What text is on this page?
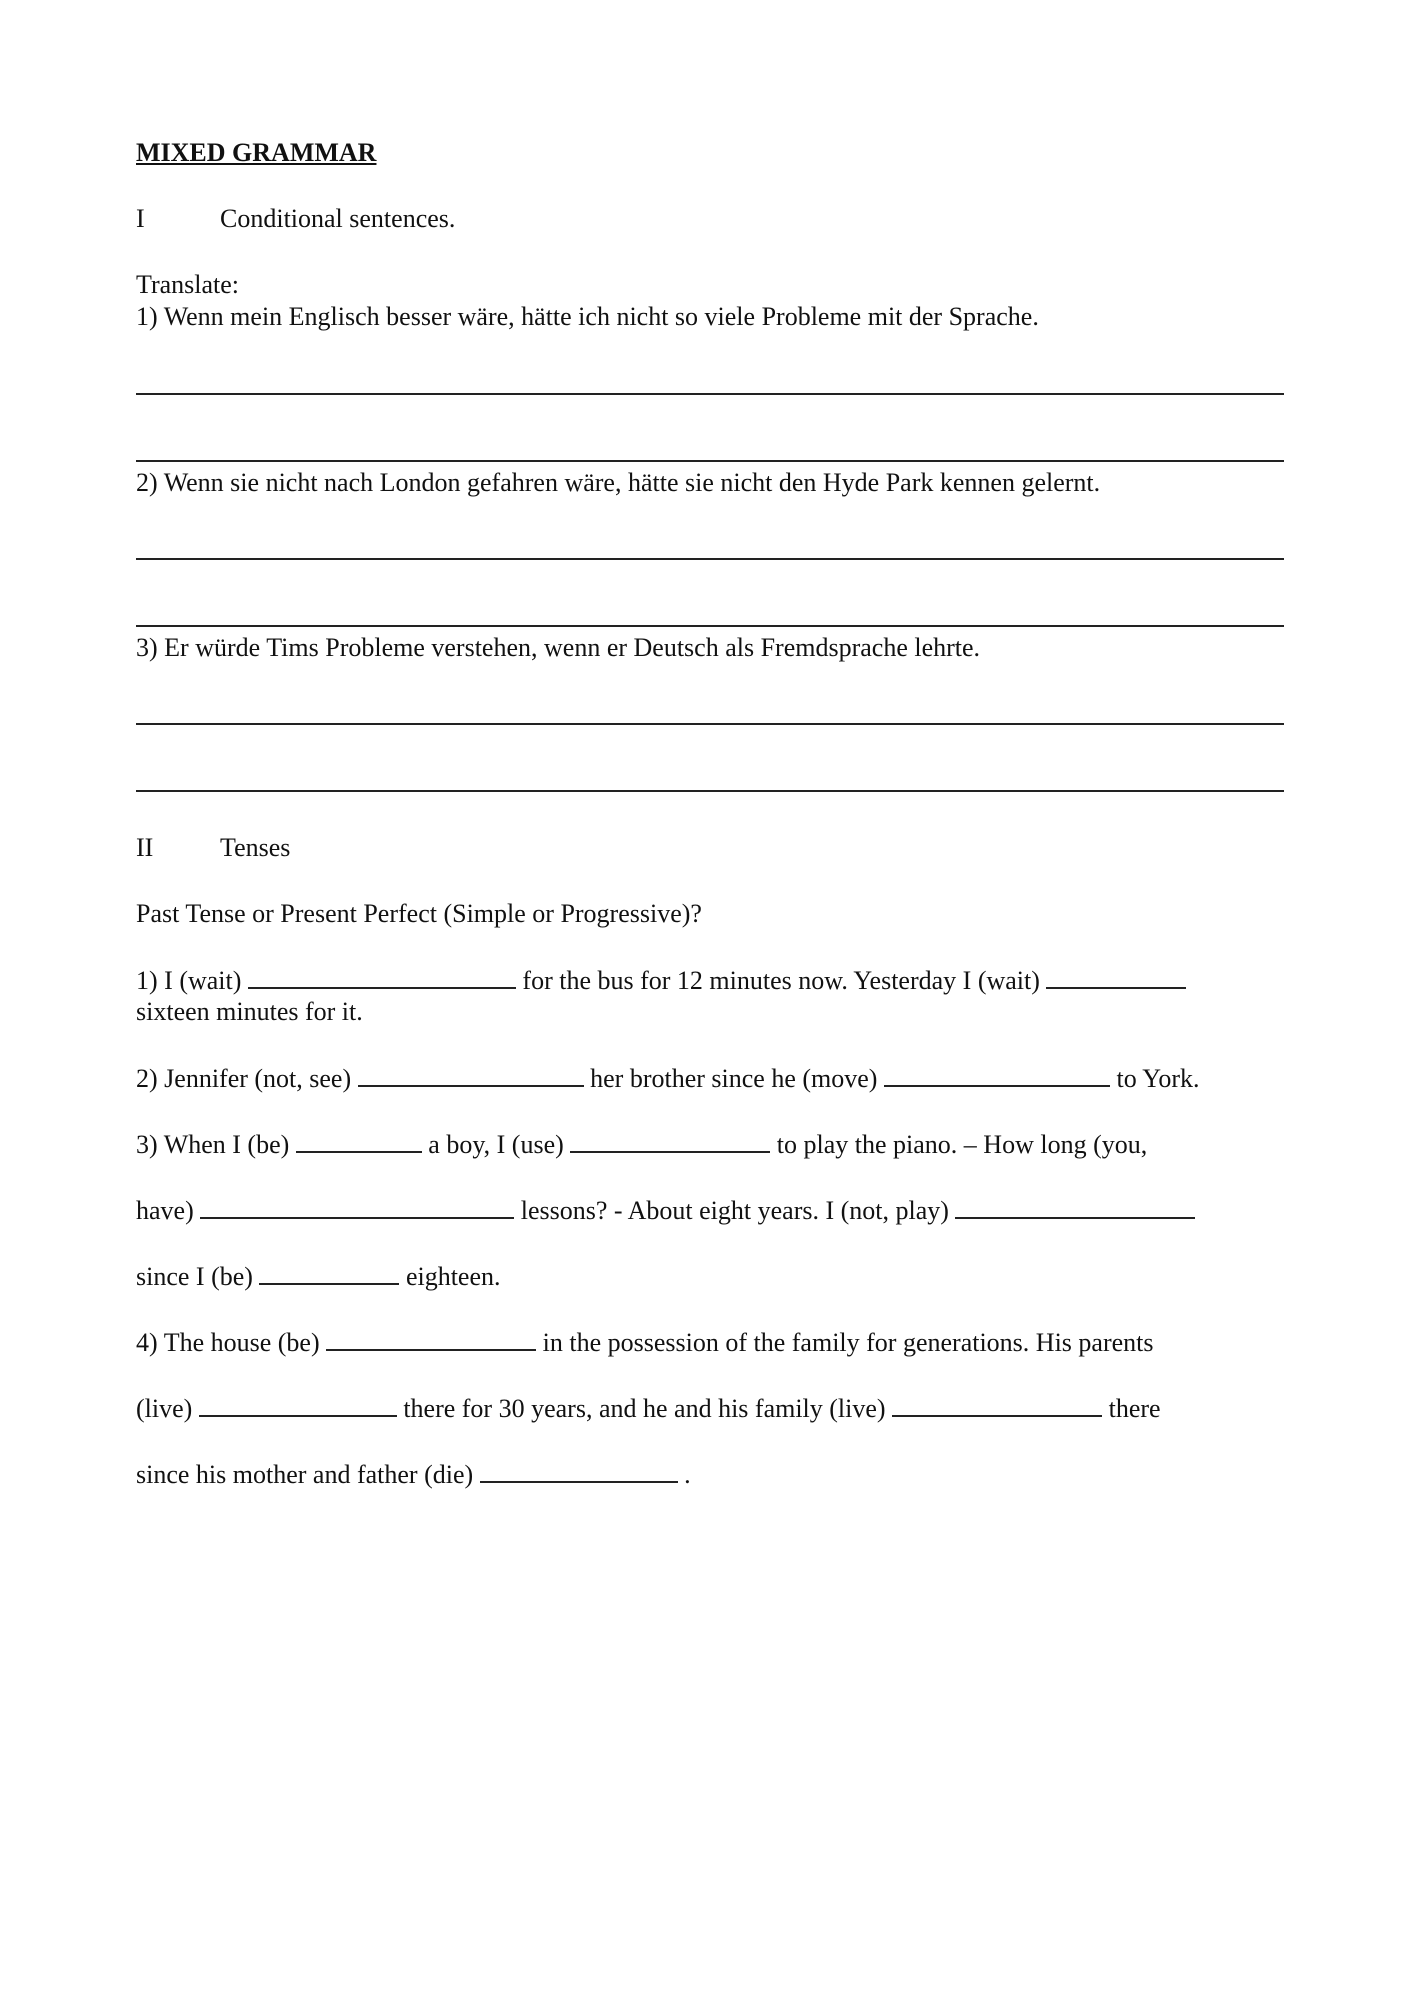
MIXED GRAMMAR
I	Conditional sentences.
Translate:
1) Wenn mein Englisch besser wäre, hätte ich nicht so viele Probleme mit der Sprache.
2) Wenn sie nicht nach London gefahren wäre, hätte sie nicht den Hyde Park kennen gelernt.
3) Er würde Tims Probleme verstehen, wenn er Deutsch als Fremdsprache lehrte.
II	Tenses
Past Tense or Present Perfect (Simple or Progressive)?
1) I (wait)	for the bus for 12 minutes now. Yesterday I (wait)
sixteen minutes for it.
2) Jennifer (not, see)	her brother since he (move)	to York.
3) When I (be)	a boy, I (use)	to play the piano. – How long (you,
have)	lessons? - About eight years. I (not, play)
since I (be)	eighteen.
4) The house (be)	in the possession of the family for generations. His parents
(live)	there for 30 years, and he and his family (live)	there
since his mother and father (die)	.
